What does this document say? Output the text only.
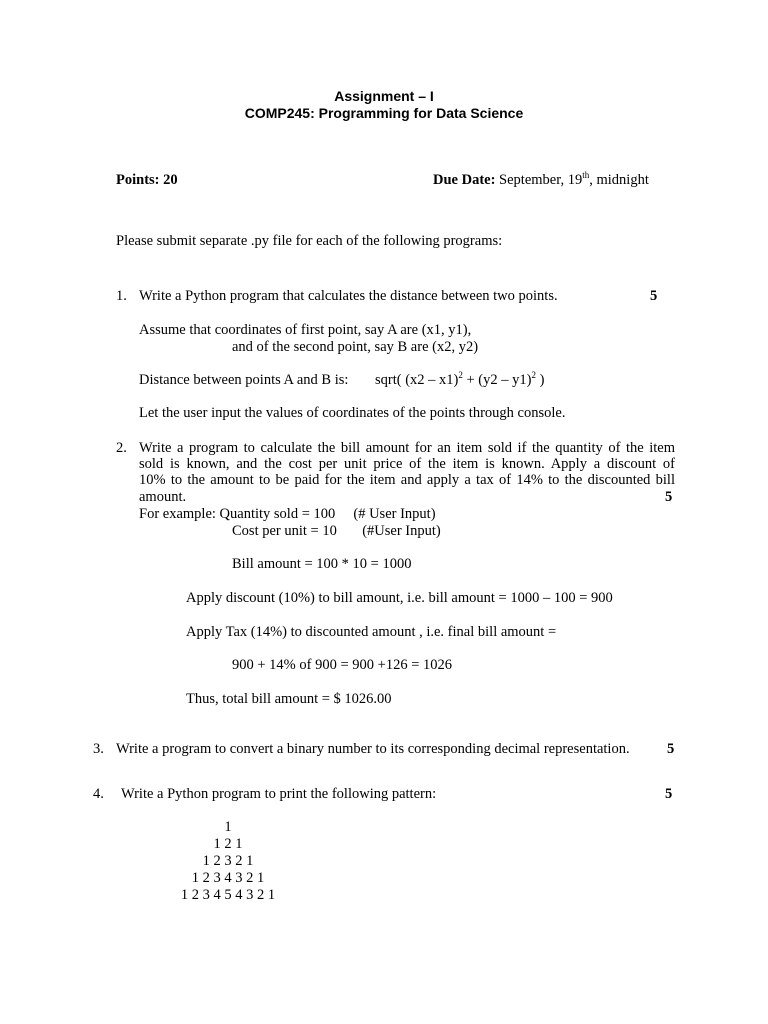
Assignment – I
COMP245: Programming for Data Science
Points: 20	Due Date: September, 19th, midnight
Please submit separate .py file for each of the following programs:
1. Write a Python program that calculates the distance between two points.	5
Assume that coordinates of first point, say A are (x1, y1),
and of the second point, say B are (x2, y2)
Distance between points A and B is: sqrt( (x2 – x1)$^2$ + (y2 – y1)$^2$ )
Let the user input the values of coordinates of the points through console.
2. Write a program to calculate the bill amount for an item sold if the quantity of the item
sold is known, and the cost per unit price of the item is known. Apply a discount of
10% to the amount to be paid for the item and apply a tax of 14% to the discounted bill
amount.	5
For example: Quantity sold = 100     (# User Input)
Cost per unit = 10       (#User Input)
Bill amount = 100 * 10 = 1000
Apply discount (10%) to bill amount, i.e. bill amount = 1000 – 100 = 900
Apply Tax (14%) to discounted amount , i.e. final bill amount =
900 + 14% of 900 = 900 +126 = 1026
Thus, total bill amount = $ 1026.00
3. Write a program to convert a binary number to its corresponding decimal representation.	5
4. Write a Python program to print the following pattern:	5
1
1 2 1
1 2 3 2 1
1 2 3 4 3 2 1
1 2 3 4 5 4 3 2 1
